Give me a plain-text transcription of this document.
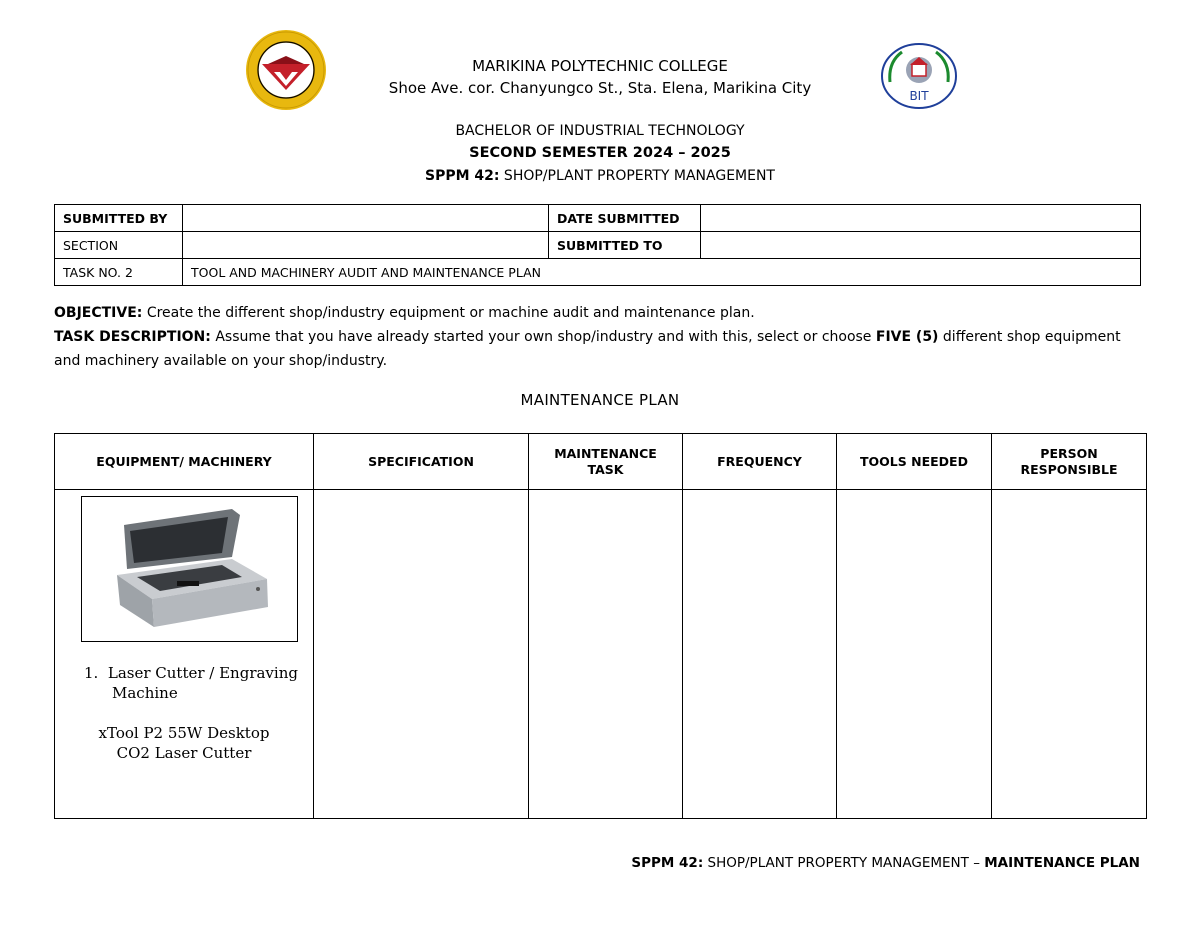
BIT
MARIKINA POLYTECHNIC COLLEGE
Shoe Ave. cor. Chanyungco St., Sta. Elena, Marikina City
BACHELOR OF INDUSTRIAL TECHNOLOGY
SECOND SEMESTER 2024 – 2025
SPPM 42: SHOP/PLANT PROPERTY MANAGEMENT
SUBMITTED BY		DATE SUBMITTED	
SECTION		SUBMITTED TO	
TASK NO. 2	TOOL AND MACHINERY AUDIT AND MAINTENANCE PLAN		
OBJECTIVE: Create the different shop/industry equipment or machine audit and maintenance plan.
TASK DESCRIPTION: Assume that you have already started your own shop/industry and with this, select or choose FIVE (5) different shop equipment and machinery available on your shop/industry.
MAINTENANCE PLAN
EQUIPMENT/ MACHINERY	SPECIFICATION	MAINTENANCE TASK	FREQUENCY	TOOLS NEEDED	PERSON RESPONSIBLE

1. Laser Cutter / Engraving
Machine
xTool P2 55W Desktop
CO2 Laser Cutter					

SPPM 42: SHOP/PLANT PROPERTY MANAGEMENT – MAINTENANCE PLAN
